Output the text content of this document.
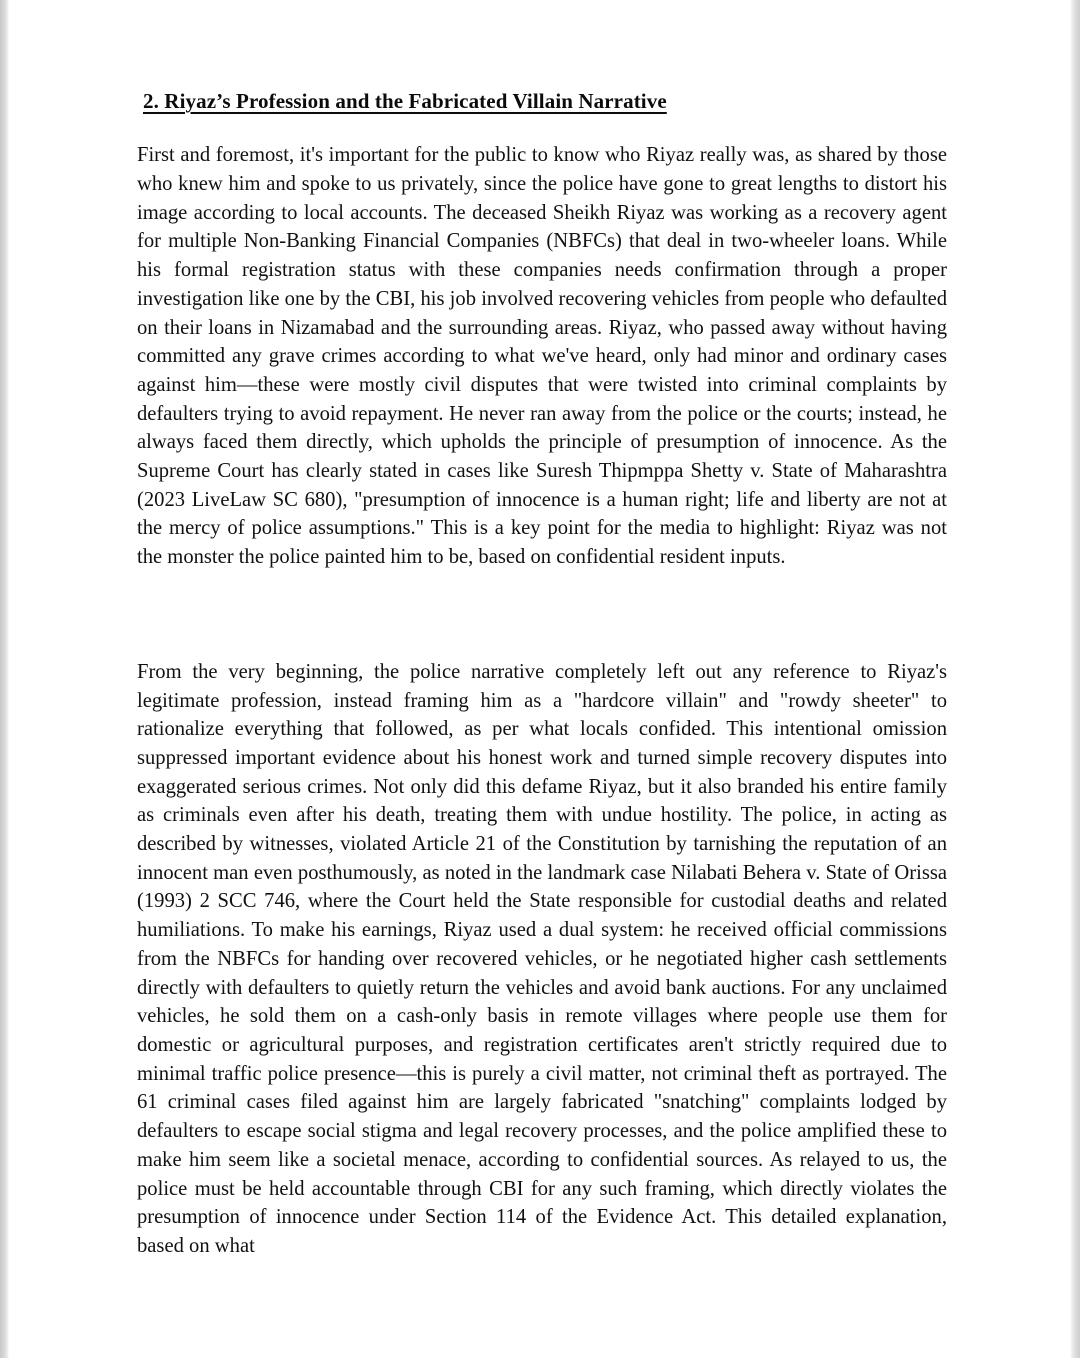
2. Riyaz’s Profession and the Fabricated Villain Narrative

First and foremost, it's important for the public to know who Riyaz really was, as shared by those who knew him and spoke to us privately, since the police have gone to great lengths to distort his image according to local accounts. The deceased Sheikh Riyaz was working as a recovery agent for multiple Non-Banking Financial Companies (NBFCs) that deal in two-wheeler loans. While his formal registration status with these companies needs confirmation through a proper investigation like one by the CBI, his job involved recovering vehicles from people who defaulted on their loans in Nizamabad and the surrounding areas. Riyaz, who passed away without having committed any grave crimes according to what we've heard, only had minor and ordinary cases against him—these were mostly civil disputes that were twisted into criminal complaints by defaulters trying to avoid repayment. He never ran away from the police or the courts; instead, he always faced them directly, which upholds the principle of presumption of innocence. As the Supreme Court has clearly stated in cases like Suresh Thipmppa Shetty v. State of Maharashtra (2023 LiveLaw SC 680), "presumption of innocence is a human right; life and liberty are not at the mercy of police assumptions." This is a key point for the media to highlight: Riyaz was not the monster the police painted him to be, based on confidential resident inputs.

From the very beginning, the police narrative completely left out any reference to Riyaz's legitimate profession, instead framing him as a "hardcore villain" and "rowdy sheeter" to rationalize everything that followed, as per what locals confided. This intentional omission suppressed important evidence about his honest work and turned simple recovery disputes into exaggerated serious crimes. Not only did this defame Riyaz, but it also branded his entire family as criminals even after his death, treating them with undue hostility. The police, in acting as described by witnesses, violated Article 21 of the Constitution by tarnishing the reputation of an innocent man even posthumously, as noted in the landmark case Nilabati Behera v. State of Orissa (1993) 2 SCC 746, where the Court held the State responsible for custodial deaths and related humiliations. To make his earnings, Riyaz used a dual system: he received official commissions from the NBFCs for handing over recovered vehicles, or he negotiated higher cash settlements directly with defaulters to quietly return the vehicles and avoid bank auctions. For any unclaimed vehicles, he sold them on a cash-only basis in remote villages where people use them for domestic or agricultural purposes, and registration certificates aren't strictly required due to minimal traffic police presence—this is purely a civil matter, not criminal theft as portrayed. The 61 criminal cases filed against him are largely fabricated "snatching" complaints lodged by defaulters to escape social stigma and legal recovery processes, and the police amplified these to make him seem like a societal menace, according to confidential sources. As relayed to us, the police must be held accountable through CBI for any such framing, which directly violates the presumption of innocence under Section 114 of the Evidence Act. This detailed explanation, based on what
